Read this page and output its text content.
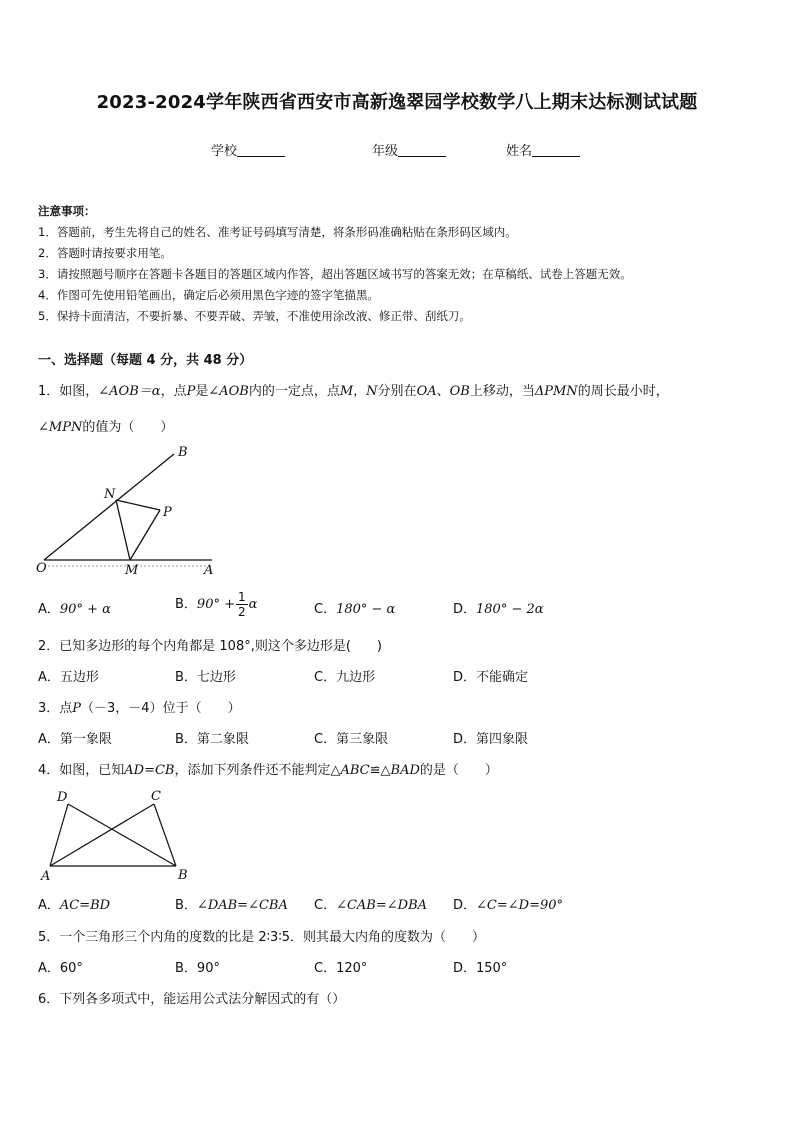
2023-2024学年陕西省西安市高新逸翠园学校数学八上期末达标测试试题
学校	年级	姓名
注意事项：
1．答题前，考生先将自己的姓名、准考证号码填写清楚，将条形码准确粘贴在条形码区域内。
2．答题时请按要求用笔。
3．请按照题号顺序在答题卡各题目的答题区域内作答，超出答题区域书写的答案无效；在草稿纸、试卷上答题无效。
4．作图可先使用铅笔画出，确定后必须用黑色字迹的签字笔描黑。
5．保持卡面清洁，不要折暴、不要弄破、弄皱，不准使用涂改液、修正带、刮纸刀。
一、选择题（每题 4 分，共 48 分）
1．如图，∠AOB＝α，点P是∠AOB内的一定点，点M，N分别在OA、OB上移动，当ΔPMN的周长最小时，
∠MPN的值为（　　）
B
N
P
O	M	A
A．90° + α	B．$90^\circ + \frac{1}{2}$ α	C．180° − α	D．180° − 2α
2．已知多边形的每个内角都是 108°,则这个多边形是(　　)
A．五边形	B．七边形	C．九边形	D．不能确定
3．点P（－3，－4）位于（　　）
A．第一象限	B．第二象限	C．第三象限	D．第四象限
4．如图，已知AD=CB，添加下列条件还不能判定△ABC≌△BAD的是（　　）
D	C
A	B
A．AC=BD	B．∠DAB=∠CBA C．∠CAB=∠DBA D．∠C=∠D=90°
5．一个三角形三个内角的度数的比是 2∶3∶5．则其最大内角的度数为（　　）
A．60°	B．90°	C．120°	D．150°
6．下列各多项式中，能运用公式法分解因式的有（）
